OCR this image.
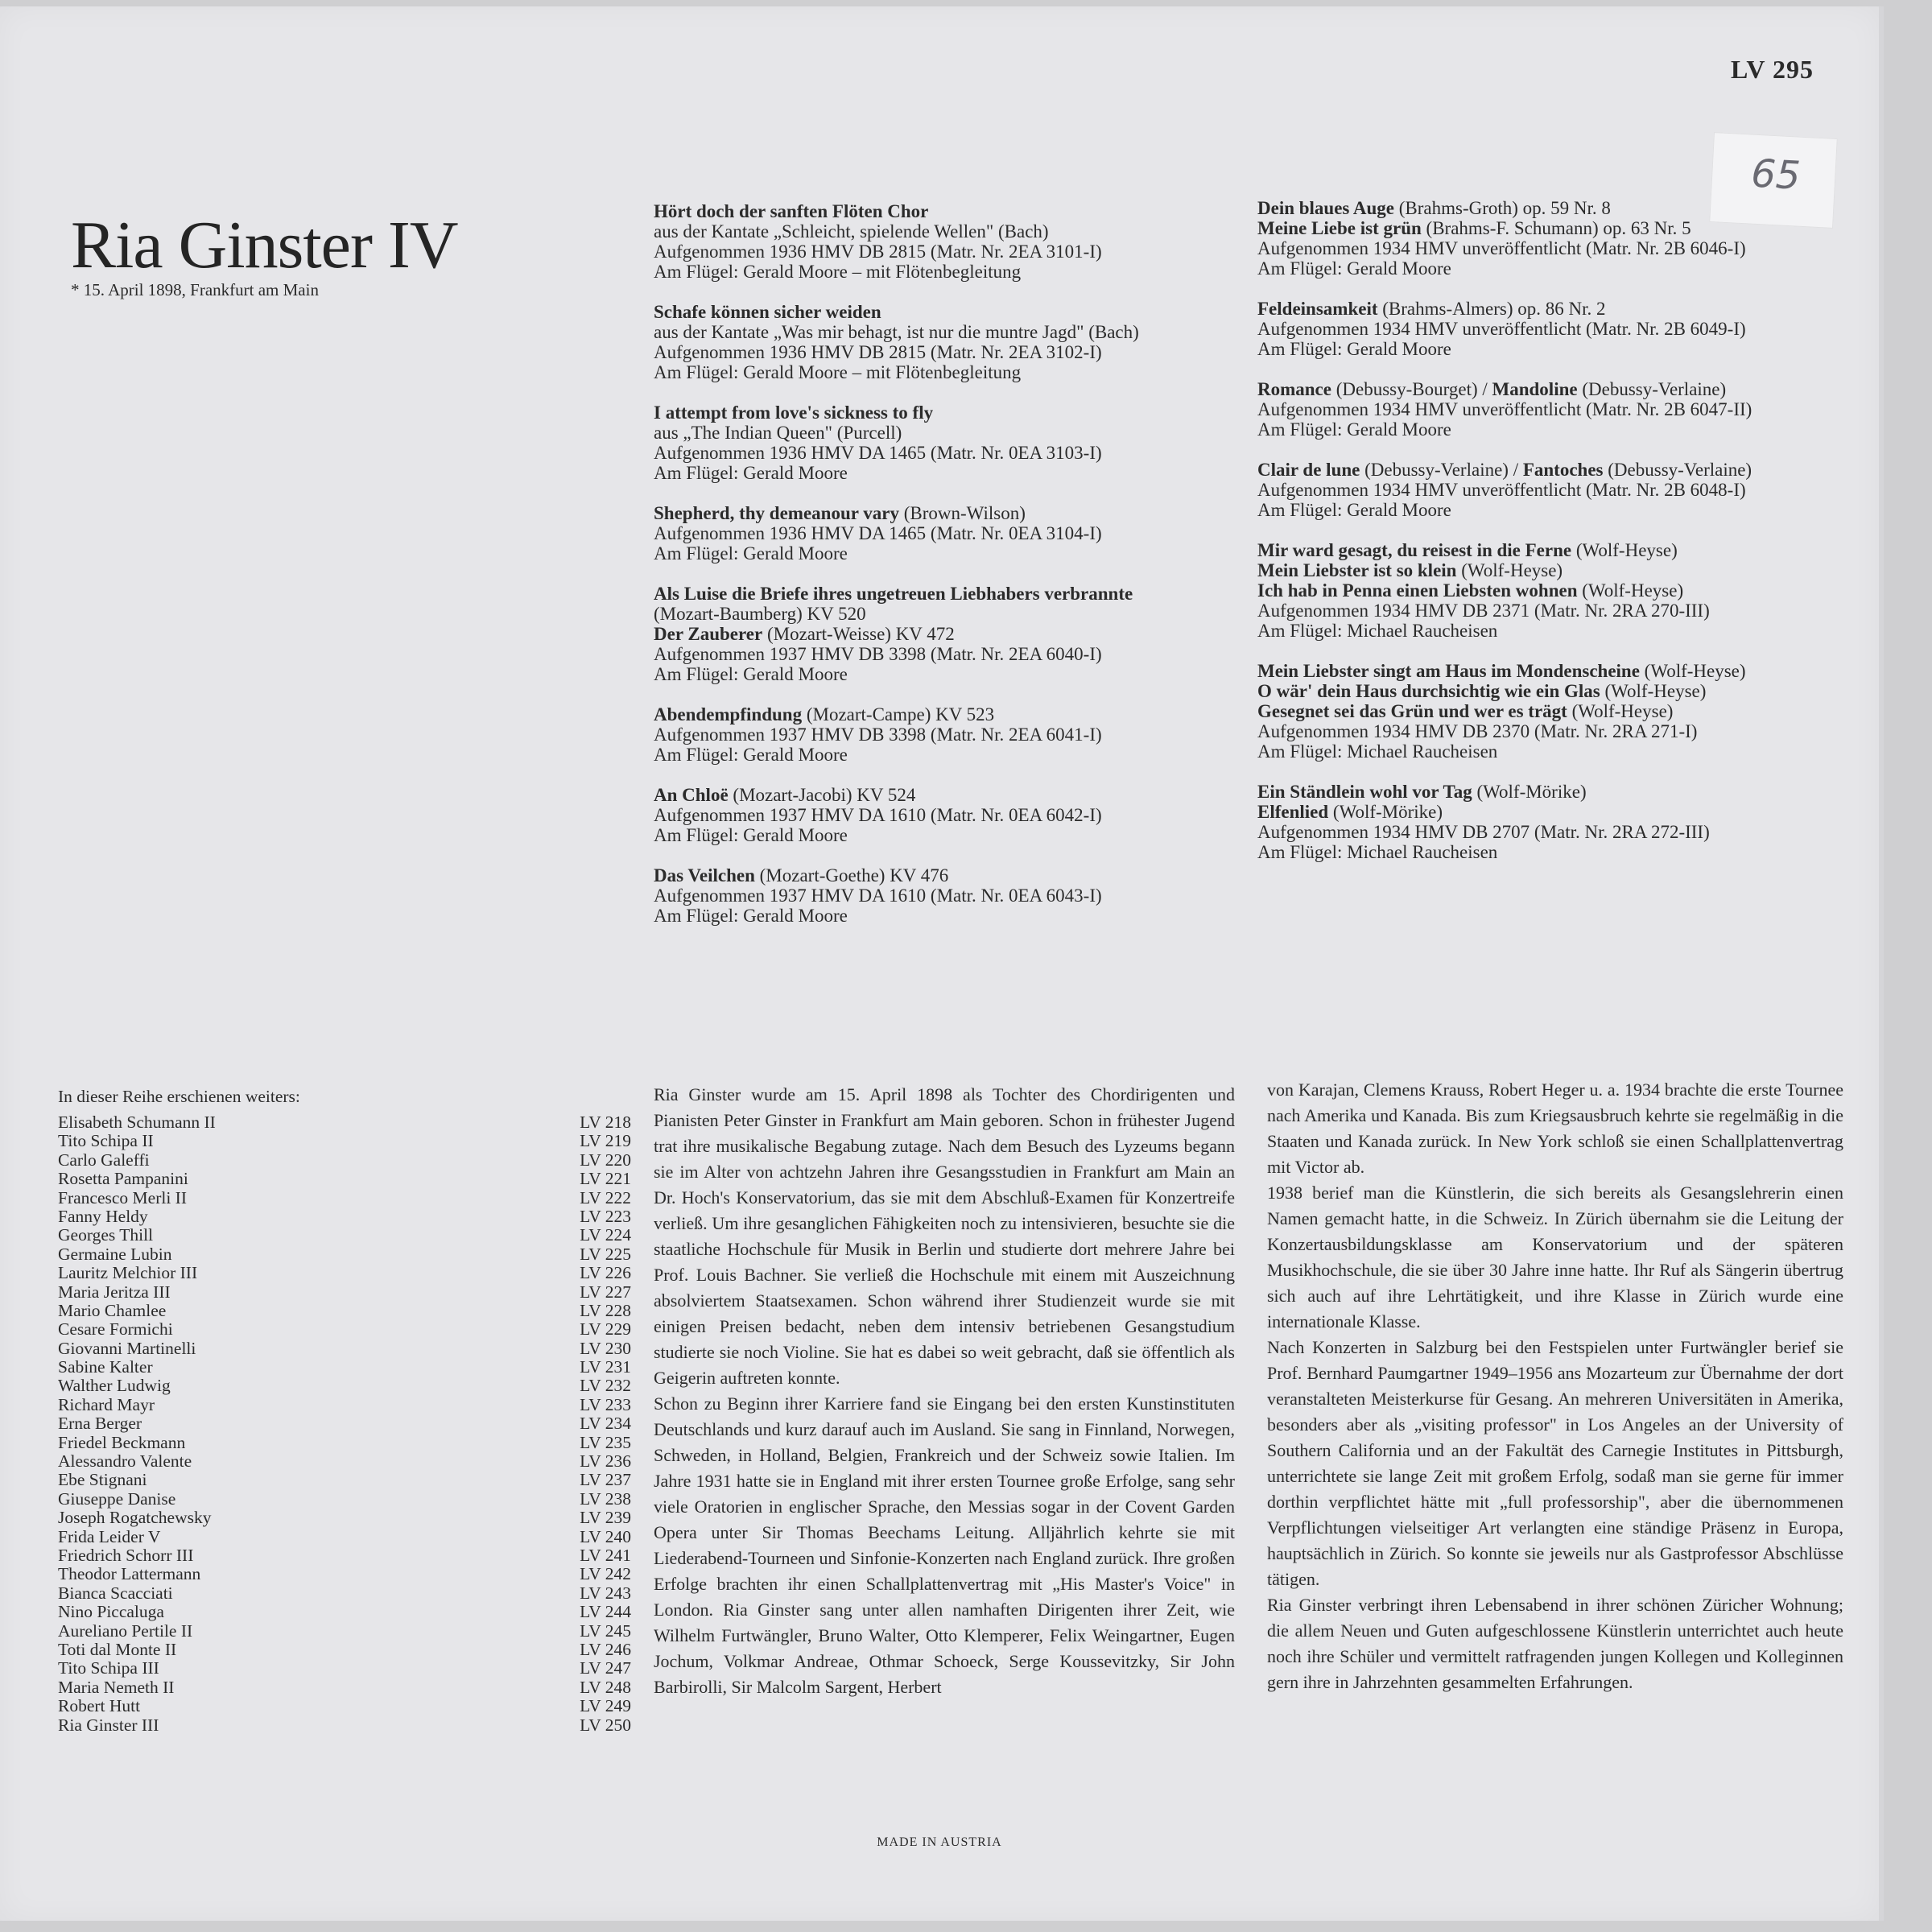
LV 295
65
Ria Ginster IV
* 15. April 1898, Frankfurt am Main
Hört doch der sanften Flöten Chor
aus der Kantate „Schleicht, spielende Wellen" (Bach)
Aufgenommen 1936 HMV DB 2815 (Matr. Nr. 2EA 3101-I)
Am Flügel: Gerald Moore – mit Flötenbegleitung
Schafe können sicher weiden
aus der Kantate „Was mir behagt, ist nur die muntre Jagd" (Bach)
Aufgenommen 1936 HMV DB 2815 (Matr. Nr. 2EA 3102-I)
Am Flügel: Gerald Moore – mit Flötenbegleitung
I attempt from love's sickness to fly
aus „The Indian Queen" (Purcell)
Aufgenommen 1936 HMV DA 1465 (Matr. Nr. 0EA 3103-I)
Am Flügel: Gerald Moore
Shepherd, thy demeanour vary (Brown-Wilson)
Aufgenommen 1936 HMV DA 1465 (Matr. Nr. 0EA 3104-I)
Am Flügel: Gerald Moore
Als Luise die Briefe ihres ungetreuen Liebhabers verbrannte
(Mozart-Baumberg) KV 520
Der Zauberer (Mozart-Weisse) KV 472
Aufgenommen 1937 HMV DB 3398 (Matr. Nr. 2EA 6040-I)
Am Flügel: Gerald Moore
Abendempfindung (Mozart-Campe) KV 523
Aufgenommen 1937 HMV DB 3398 (Matr. Nr. 2EA 6041-I)
Am Flügel: Gerald Moore
An Chloë (Mozart-Jacobi) KV 524
Aufgenommen 1937 HMV DA 1610 (Matr. Nr. 0EA 6042-I)
Am Flügel: Gerald Moore
Das Veilchen (Mozart-Goethe) KV 476
Aufgenommen 1937 HMV DA 1610 (Matr. Nr. 0EA 6043-I)
Am Flügel: Gerald Moore
Dein blaues Auge (Brahms-Groth) op. 59 Nr. 8
Meine Liebe ist grün (Brahms-F. Schumann) op. 63 Nr. 5
Aufgenommen 1934 HMV unveröffentlicht (Matr. Nr. 2B 6046-I)
Am Flügel: Gerald Moore
Feldeinsamkeit (Brahms-Almers) op. 86 Nr. 2
Aufgenommen 1934 HMV unveröffentlicht (Matr. Nr. 2B 6049-I)
Am Flügel: Gerald Moore
Romance (Debussy-Bourget) / Mandoline (Debussy-Verlaine)
Aufgenommen 1934 HMV unveröffentlicht (Matr. Nr. 2B 6047-II)
Am Flügel: Gerald Moore
Clair de lune (Debussy-Verlaine) / Fantoches (Debussy-Verlaine)
Aufgenommen 1934 HMV unveröffentlicht (Matr. Nr. 2B 6048-I)
Am Flügel: Gerald Moore
Mir ward gesagt, du reisest in die Ferne (Wolf-Heyse)
Mein Liebster ist so klein (Wolf-Heyse)
Ich hab in Penna einen Liebsten wohnen (Wolf-Heyse)
Aufgenommen 1934 HMV DB 2371 (Matr. Nr. 2RA 270-III)
Am Flügel: Michael Raucheisen
Mein Liebster singt am Haus im Mondenscheine (Wolf-Heyse)
O wär' dein Haus durchsichtig wie ein Glas (Wolf-Heyse)
Gesegnet sei das Grün und wer es trägt (Wolf-Heyse)
Aufgenommen 1934 HMV DB 2370 (Matr. Nr. 2RA 271-I)
Am Flügel: Michael Raucheisen
Ein Ständlein wohl vor Tag (Wolf-Mörike)
Elfenlied (Wolf-Mörike)
Aufgenommen 1934 HMV DB 2707 (Matr. Nr. 2RA 272-III)
Am Flügel: Michael Raucheisen
In dieser Reihe erschienen weiters:
Elisabeth Schumann II	LV 218
Tito Schipa II	LV 219
Carlo Galeffi	LV 220
Rosetta Pampanini	LV 221
Francesco Merli II	LV 222
Fanny Heldy	LV 223
Georges Thill	LV 224
Germaine Lubin	LV 225
Lauritz Melchior III	LV 226
Maria Jeritza III	LV 227
Mario Chamlee	LV 228
Cesare Formichi	LV 229
Giovanni Martinelli	LV 230
Sabine Kalter	LV 231
Walther Ludwig	LV 232
Richard Mayr	LV 233
Erna Berger	LV 234
Friedel Beckmann	LV 235
Alessandro Valente	LV 236
Ebe Stignani	LV 237
Giuseppe Danise	LV 238
Joseph Rogatchewsky	LV 239
Frida Leider V	LV 240
Friedrich Schorr III	LV 241
Theodor Lattermann	LV 242
Bianca Scacciati	LV 243
Nino Piccaluga	LV 244
Aureliano Pertile II	LV 245
Toti dal Monte II	LV 246
Tito Schipa III	LV 247
Maria Nemeth II	LV 248
Robert Hutt	LV 249
Ria Ginster III	LV 250

Ria Ginster wurde am 15. April 1898 als Tochter des Chordirigenten und Pianisten Peter Ginster in Frankfurt am Main geboren. Schon in frühester Jugend trat ihre musikalische Begabung zutage. Nach dem Besuch des Lyzeums begann sie im Alter von achtzehn Jahren ihre Gesangsstudien in Frankfurt am Main an Dr. Hoch's Konservatorium, das sie mit dem Abschluß-Examen für Konzertreife verließ. Um ihre gesanglichen Fähigkeiten noch zu intensivieren, besuchte sie die staatliche Hochschule für Musik in Berlin und studierte dort mehrere Jahre bei Prof. Louis Bachner. Sie verließ die Hochschule mit einem mit Auszeichnung absolviertem Staatsexamen. Schon während ihrer Studienzeit wurde sie mit einigen Preisen bedacht, neben dem intensiv betriebenen Gesangstudium studierte sie noch Violine. Sie hat es dabei so weit gebracht, daß sie öffentlich als Geigerin auftreten konnte.

Schon zu Beginn ihrer Karriere fand sie Eingang bei den ersten Kunstinstituten Deutschlands und kurz darauf auch im Ausland. Sie sang in Finnland, Norwegen, Schweden, in Holland, Belgien, Frankreich und der Schweiz sowie Italien. Im Jahre 1931 hatte sie in England mit ihrer ersten Tournee große Erfolge, sang sehr viele Oratorien in englischer Sprache, den Messias sogar in der Covent Garden Opera unter Sir Thomas Beechams Leitung. Alljährlich kehrte sie mit Liederabend-Tourneen und Sinfonie-Konzerten nach England zurück. Ihre großen Erfolge brachten ihr einen Schallplattenvertrag mit „His Master's Voice" in London. Ria Ginster sang unter allen namhaften Dirigenten ihrer Zeit, wie Wilhelm Furtwängler, Bruno Walter, Otto Klemperer, Felix Weingartner, Eugen Jochum, Volkmar Andreae, Othmar Schoeck, Serge Koussevitzky, Sir John Barbirolli, Sir Malcolm Sargent, Herbert

von Karajan, Clemens Krauss, Robert Heger u. a. 1934 brachte die erste Tournee nach Amerika und Kanada. Bis zum Kriegsausbruch kehrte sie regelmäßig in die Staaten und Kanada zurück. In New York schloß sie einen Schallplattenvertrag mit Victor ab.

1938 berief man die Künstlerin, die sich bereits als Gesangslehrerin einen Namen gemacht hatte, in die Schweiz. In Zürich übernahm sie die Leitung der Konzertausbildungsklasse am Konservatorium und der späteren Musikhochschule, die sie über 30 Jahre inne hatte. Ihr Ruf als Sängerin übertrug sich auch auf ihre Lehrtätigkeit, und ihre Klasse in Zürich wurde eine internationale Klasse.

Nach Konzerten in Salzburg bei den Festspielen unter Furtwängler berief sie Prof. Bernhard Paumgartner 1949–1956 ans Mozarteum zur Übernahme der dort veranstalteten Meisterkurse für Gesang. An mehreren Universitäten in Amerika, besonders aber als „visiting professor" in Los Angeles an der University of Southern California und an der Fakultät des Carnegie Institutes in Pittsburgh, unterrichtete sie lange Zeit mit großem Erfolg, sodaß man sie gerne für immer dorthin verpflichtet hätte mit „full professorship", aber die übernommenen Verpflichtungen vielseitiger Art verlangten eine ständige Präsenz in Europa, hauptsächlich in Zürich. So konnte sie jeweils nur als Gastprofessor Abschlüsse tätigen.

Ria Ginster verbringt ihren Lebensabend in ihrer schönen Züricher Wohnung; die allem Neuen und Guten aufgeschlossene Künstlerin unterrichtet auch heute noch ihre Schüler und vermittelt ratfragenden jungen Kollegen und Kolleginnen gern ihre in Jahrzehnten gesammelten Erfahrungen.

MADE IN AUSTRIA
